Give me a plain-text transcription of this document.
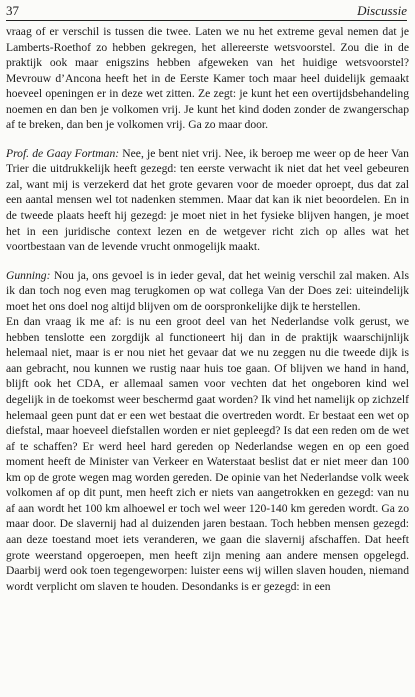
37	Discussie

vraag of er verschil is tussen die twee. Laten we nu het extreme geval nemen dat je Lamberts-Roethof zo hebben gekregen, het allereerste wetsvoorstel. Zou die in de praktijk ook maar enigszins hebben afgeweken van het huidige wetsvoorstel? Mevrouw d’Ancona heeft het in de Eerste Kamer toch maar heel duidelijk gemaakt hoeveel openingen er in deze wet zitten. Ze zegt: je kunt het een overtijdsbehandeling noemen en dan ben je volkomen vrij. Je kunt het kind doden zonder de zwangerschap af te breken, dan ben je volkomen vrij. Ga zo maar door.

Prof. de Gaay Fortman: Nee, je bent niet vrij. Nee, ik beroep me weer op de heer Van Trier die uitdrukkelijk heeft gezegd: ten eerste verwacht ik niet dat het veel gebeuren zal, want mij is verzekerd dat het grote gevaren voor de moeder oproept, dus dat zal een aantal mensen wel tot nadenken stemmen. Maar dat kan ik niet beoordelen. En in de tweede plaats heeft hij gezegd: je moet niet in het fysieke blijven hangen, je moet het in een juridische context lezen en de wetgever richt zich op alles wat het voortbestaan van de levende vrucht onmogelijk maakt.

Gunning: Nou ja, ons gevoel is in ieder geval, dat het weinig verschil zal maken. Als ik dan toch nog even mag terugkomen op wat collega Van der Does zei: uiteindelijk moet het ons doel nog altijd blijven om de oorspronkelijke dijk te herstellen.

En dan vraag ik me af: is nu een groot deel van het Nederlandse volk gerust, we hebben tenslotte een zorgdijk al functioneert hij dan in de praktijk waarschijnlijk helemaal niet, maar is er nou niet het gevaar dat we nu zeggen nu die tweede dijk is aan gebracht, nou kunnen we rustig naar huis toe gaan. Of blijven we hand in hand, blijft ook het CDA, er allemaal samen voor vechten dat het ongeboren kind wel degelijk in de toekomst weer beschermd gaat worden? Ik vind het namelijk op zichzelf helemaal geen punt dat er een wet bestaat die overtreden wordt. Er bestaat een wet op diefstal, maar hoeveel diefstallen worden er niet gepleegd? Is dat een reden om de wet af te schaffen? Er werd heel hard gereden op Nederlandse wegen en op een goed moment heeft de Minister van Verkeer en Waterstaat beslist dat er niet meer dan 100 km op de grote wegen mag worden gereden. De opinie van het Nederlandse volk week volkomen af op dit punt, men heeft zich er niets van aangetrokken en gezegd: van nu af aan wordt het 100 km alhoewel er toch wel weer 120-140 km gereden wordt. Ga zo maar door. De slavernij had al duizenden jaren bestaan. Toch hebben mensen gezegd: aan deze toestand moet iets veranderen, we gaan die slavernij afschaffen. Dat heeft grote weerstand opgeroepen, men heeft zijn mening aan andere mensen opgelegd. Daarbij werd ook toen tegengeworpen: luister eens wij willen slaven houden, niemand wordt verplicht om slaven te houden. Desondanks is er gezegd: in een
